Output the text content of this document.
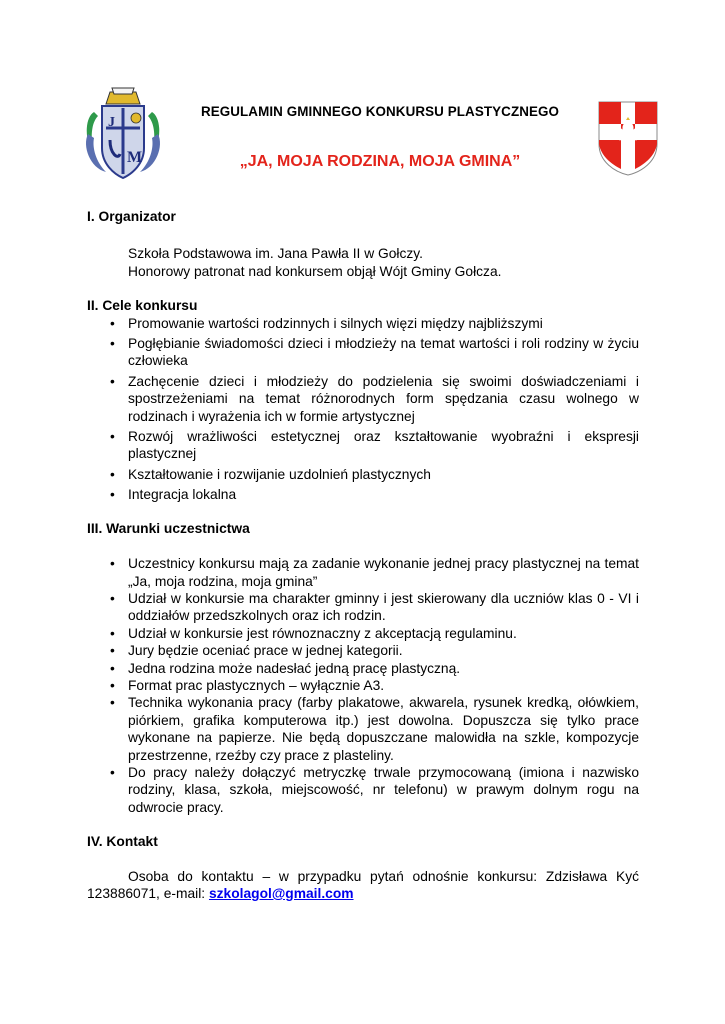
J
M
REGULAMIN GMINNEGO KONKURSU PLASTYCZNEGO
„JA, MOJA RODZINA, MOJA GMINA”
I. Organizator
Szkoła Podstawowa im. Jana Pawła II w Gołczy.
Honorowy patronat nad konkursem objął Wójt Gminy Gołcza.
II. Cele konkursu
• Promowanie wartości rodzinnych i silnych więzi między najbliższymi
• Pogłębianie świadomości dzieci i młodzieży na temat wartości i roli rodziny w życiu człowieka
• Zachęcenie dzieci i młodzieży do podzielenia się swoimi doświadczeniami i spostrzeżeniami na temat różnorodnych form spędzania czasu wolnego w rodzinach i wyrażenia ich w formie artystycznej
• Rozwój wrażliwości estetycznej oraz kształtowanie wyobraźni i ekspresji plastycznej
• Kształtowanie i rozwijanie uzdolnień plastycznych
• Integracja lokalna
III. Warunki uczestnictwa
• Uczestnicy konkursu mają za zadanie wykonanie jednej pracy plastycznej na temat „Ja, moja rodzina, moja gmina”
• Udział w konkursie ma charakter gminny i jest skierowany dla uczniów klas 0 - VI i oddziałów przedszkolnych oraz ich rodzin.
• Udział w konkursie jest równoznaczny z akceptacją regulaminu.
• Jury będzie oceniać prace w jednej kategorii.
• Jedna rodzina może nadesłać jedną pracę plastyczną.
• Format prac plastycznych – wyłącznie A3.
• Technika wykonania pracy (farby plakatowe, akwarela, rysunek kredką, ołówkiem, piórkiem, grafika komputerowa itp.) jest dowolna. Dopuszcza się tylko prace wykonane na papierze. Nie będą dopuszczane malowidła na szkle, kompozycje przestrzenne, rzeźby czy prace z plasteliny.
• Do pracy należy dołączyć metryczkę trwale przymocowaną (imiona i nazwisko rodziny, klasa, szkoła, miejscowość, nr telefonu) w prawym dolnym rogu na odwrocie pracy.
IV. Kontakt
Osoba do kontaktu – w przypadku pytań odnośnie konkursu: Zdzisława Kyć 123886071, e-mail: szkolagol@gmail.com
